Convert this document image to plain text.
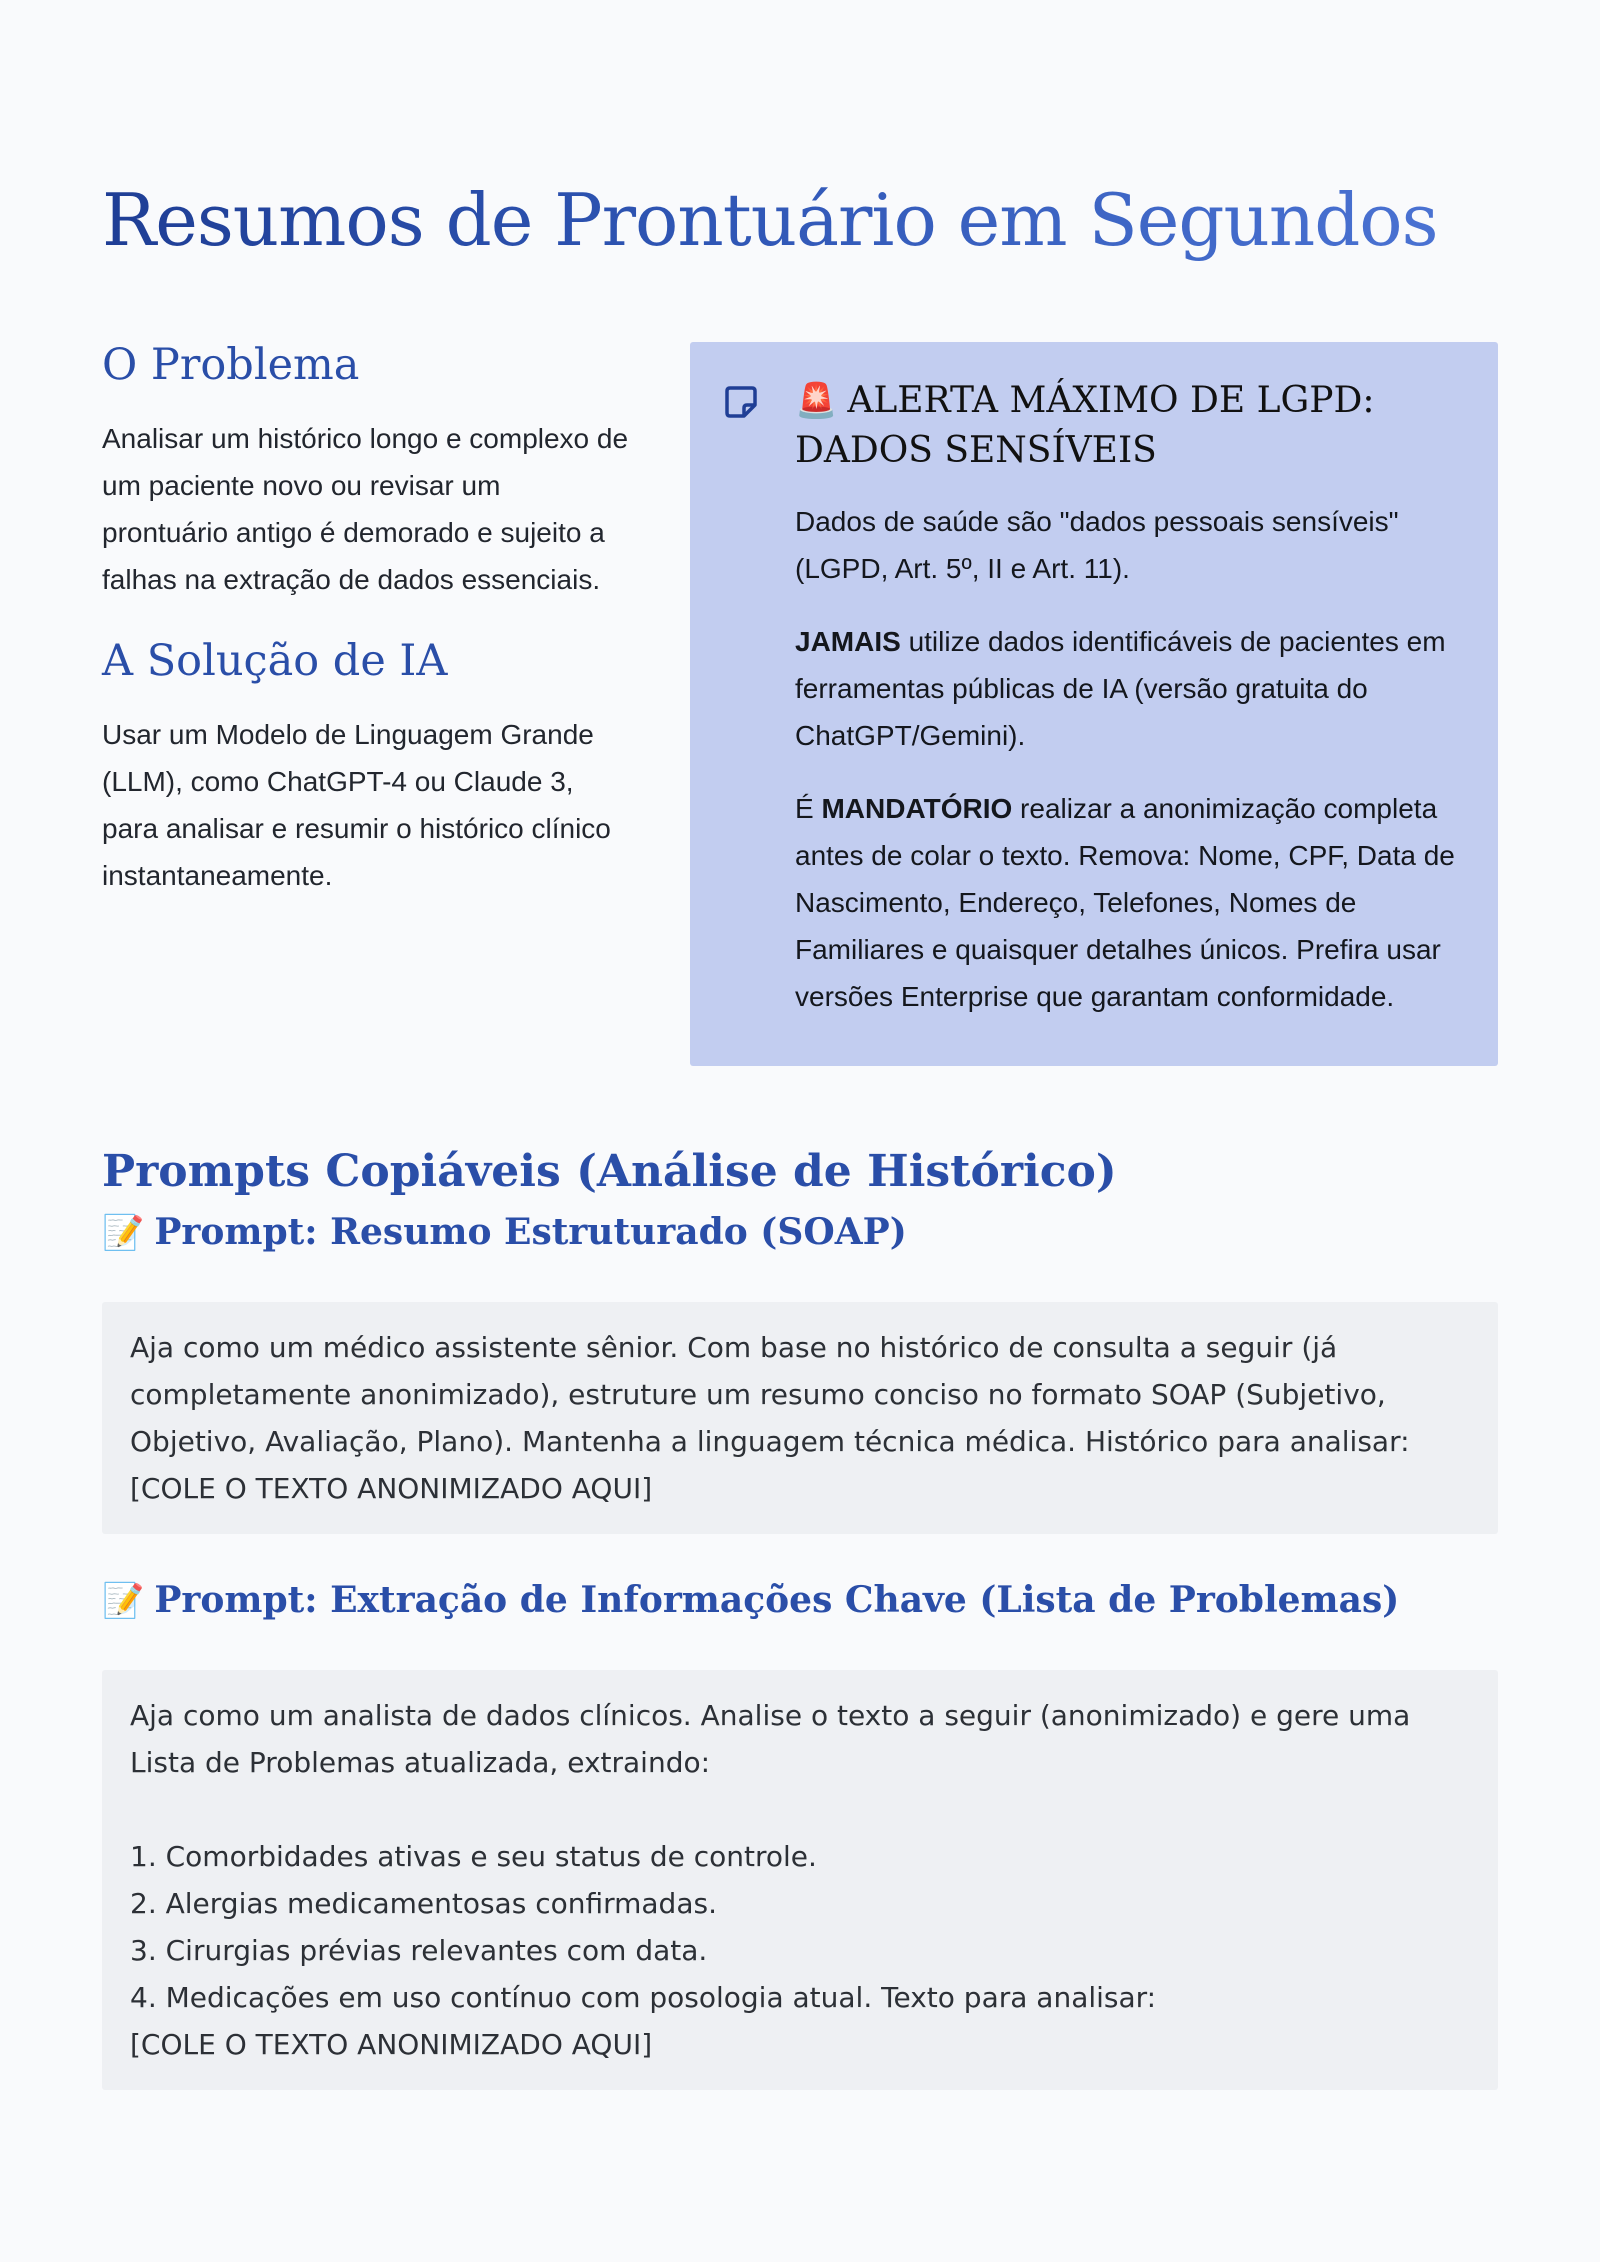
Resumos de Prontuário em Segundos
O Problema

Analisar um histórico longo e complexo de um paciente novo ou revisar um prontuário antigo é demorado e sujeito a falhas na extração de dados essenciais.

A Solução de IA

Usar um Modelo de Linguagem Grande (LLM), como ChatGPT-4 ou Claude 3, para analisar e resumir o histórico clínico instantaneamente.

🚨 ALERTA MÁXIMO DE LGPD: DADOS SENSÍVEIS

Dados de saúde são "dados pessoais sensíveis" (LGPD, Art. 5º, II e Art. 11).

JAMAIS utilize dados identificáveis de pacientes em ferramentas públicas de IA (versão gratuita do ChatGPT/Gemini).

É MANDATÓRIO realizar a anonimização completa antes de colar o texto. Remova: Nome, CPF, Data de Nascimento, Endereço, Telefones, Nomes de Familiares e quaisquer detalhes únicos. Prefira usar versões Enterprise que garantam conformidade.

Prompts Copiáveis (Análise de Histórico)
📝 Prompt: Resumo Estruturado (SOAP)
Aja como um médico assistente sênior. Com base no histórico de consulta a seguir (já completamente anonimizado), estruture um resumo conciso no formato SOAP (Subjetivo, Objetivo, Avaliação, Plano). Mantenha a linguagem técnica médica. Histórico para analisar:
[COLE O TEXTO ANONIMIZADO AQUI]
📝 Prompt: Extração de Informações Chave (Lista de Problemas)
Aja como um analista de dados clínicos. Analise o texto a seguir (anonimizado) e gere uma Lista de Problemas atualizada, extraindo:

1. Comorbidades ativas e seu status de controle.
2. Alergias medicamentosas confirmadas.
3. Cirurgias prévias relevantes com data.
4. Medicações em uso contínuo com posologia atual. Texto para analisar:
[COLE O TEXTO ANONIMIZADO AQUI]
